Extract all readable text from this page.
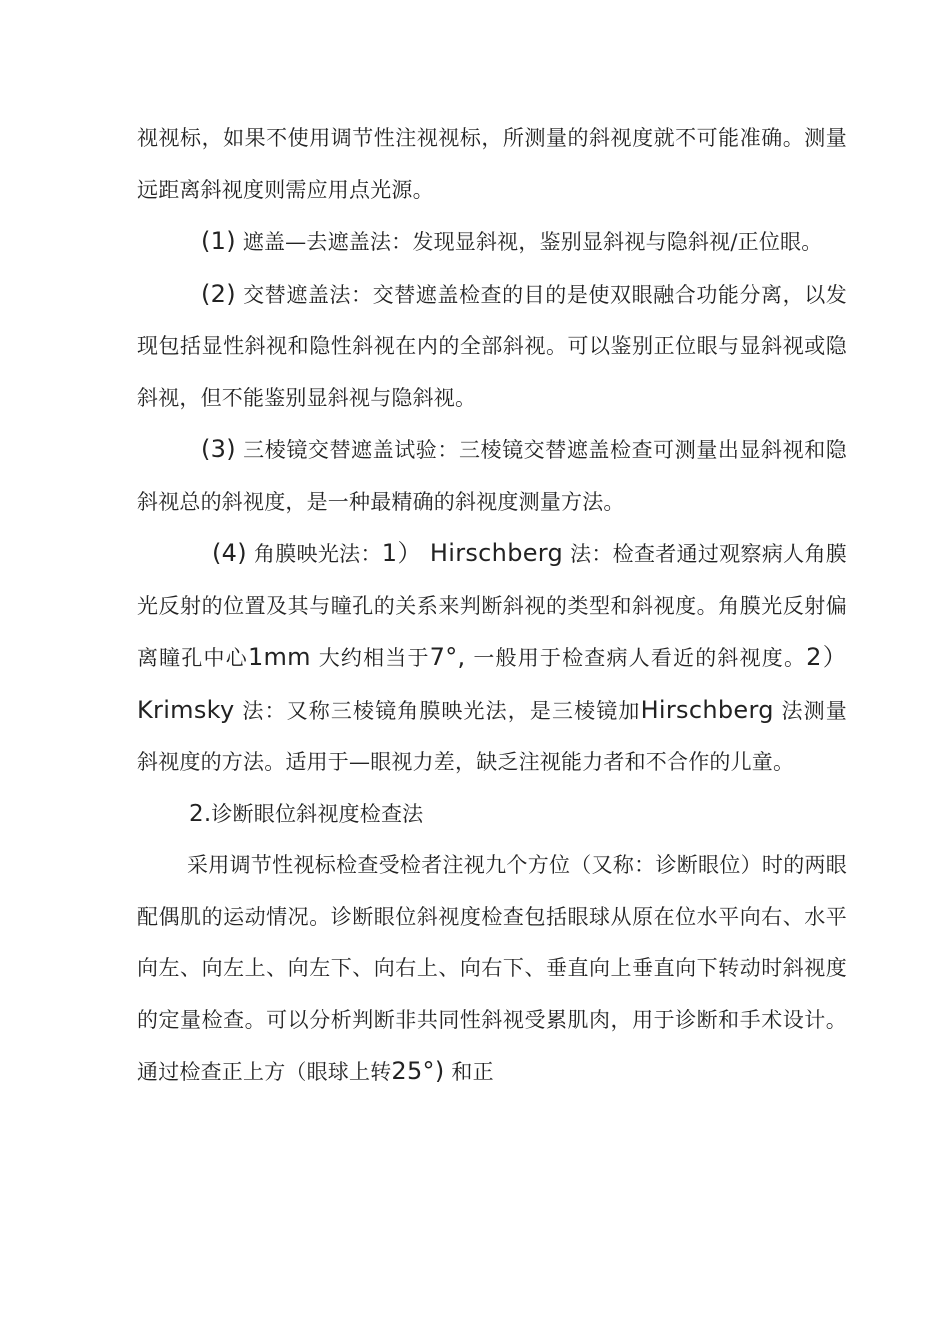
视视标，如果不使用调节性注视视标，所测量的斜视度就不可能准确。测量远距离斜视度则需应用点光源。

(1) 遮盖—去遮盖法：发现显斜视，鉴别显斜视与隐斜视/正位眼。

(2) 交替遮盖法：交替遮盖检查的目的是使双眼融合功能分离，以发现包括显性斜视和隐性斜视在内的全部斜视。可以鉴别正位眼与显斜视或隐斜视，但不能鉴别显斜视与隐斜视。

(3) 三棱镜交替遮盖试验：三棱镜交替遮盖检查可测量出显斜视和隐斜视总的斜视度，是一种最精确的斜视度测量方法。

(4) 角膜映光法：1） Hirschberg 法：检查者通过观察病人角膜光反射的位置及其与瞳孔的关系来判断斜视的类型和斜视度。角膜光反射偏离瞳孔中心1mm 大约相当于7°, 一般用于检查病人看近的斜视度。2） Krimsky 法：又称三棱镜角膜映光法，是三棱镜加Hirschberg 法测量斜视度的方法。适用于—眼视力差，缺乏注视能力者和不合作的儿童。

2.诊断眼位斜视度检查法

采用调节性视标检查受检者注视九个方位（又称：诊断眼位）时的两眼配偶肌的运动情况。诊断眼位斜视度检查包括眼球从原在位水平向右、水平向左、向左上、向左下、向右上、向右下、垂直向上垂直向下转动时斜视度的定量检查。可以分析判断非共同性斜视受累肌肉，用于诊断和手术设计。通过检查正上方（眼球上转25°) 和正
